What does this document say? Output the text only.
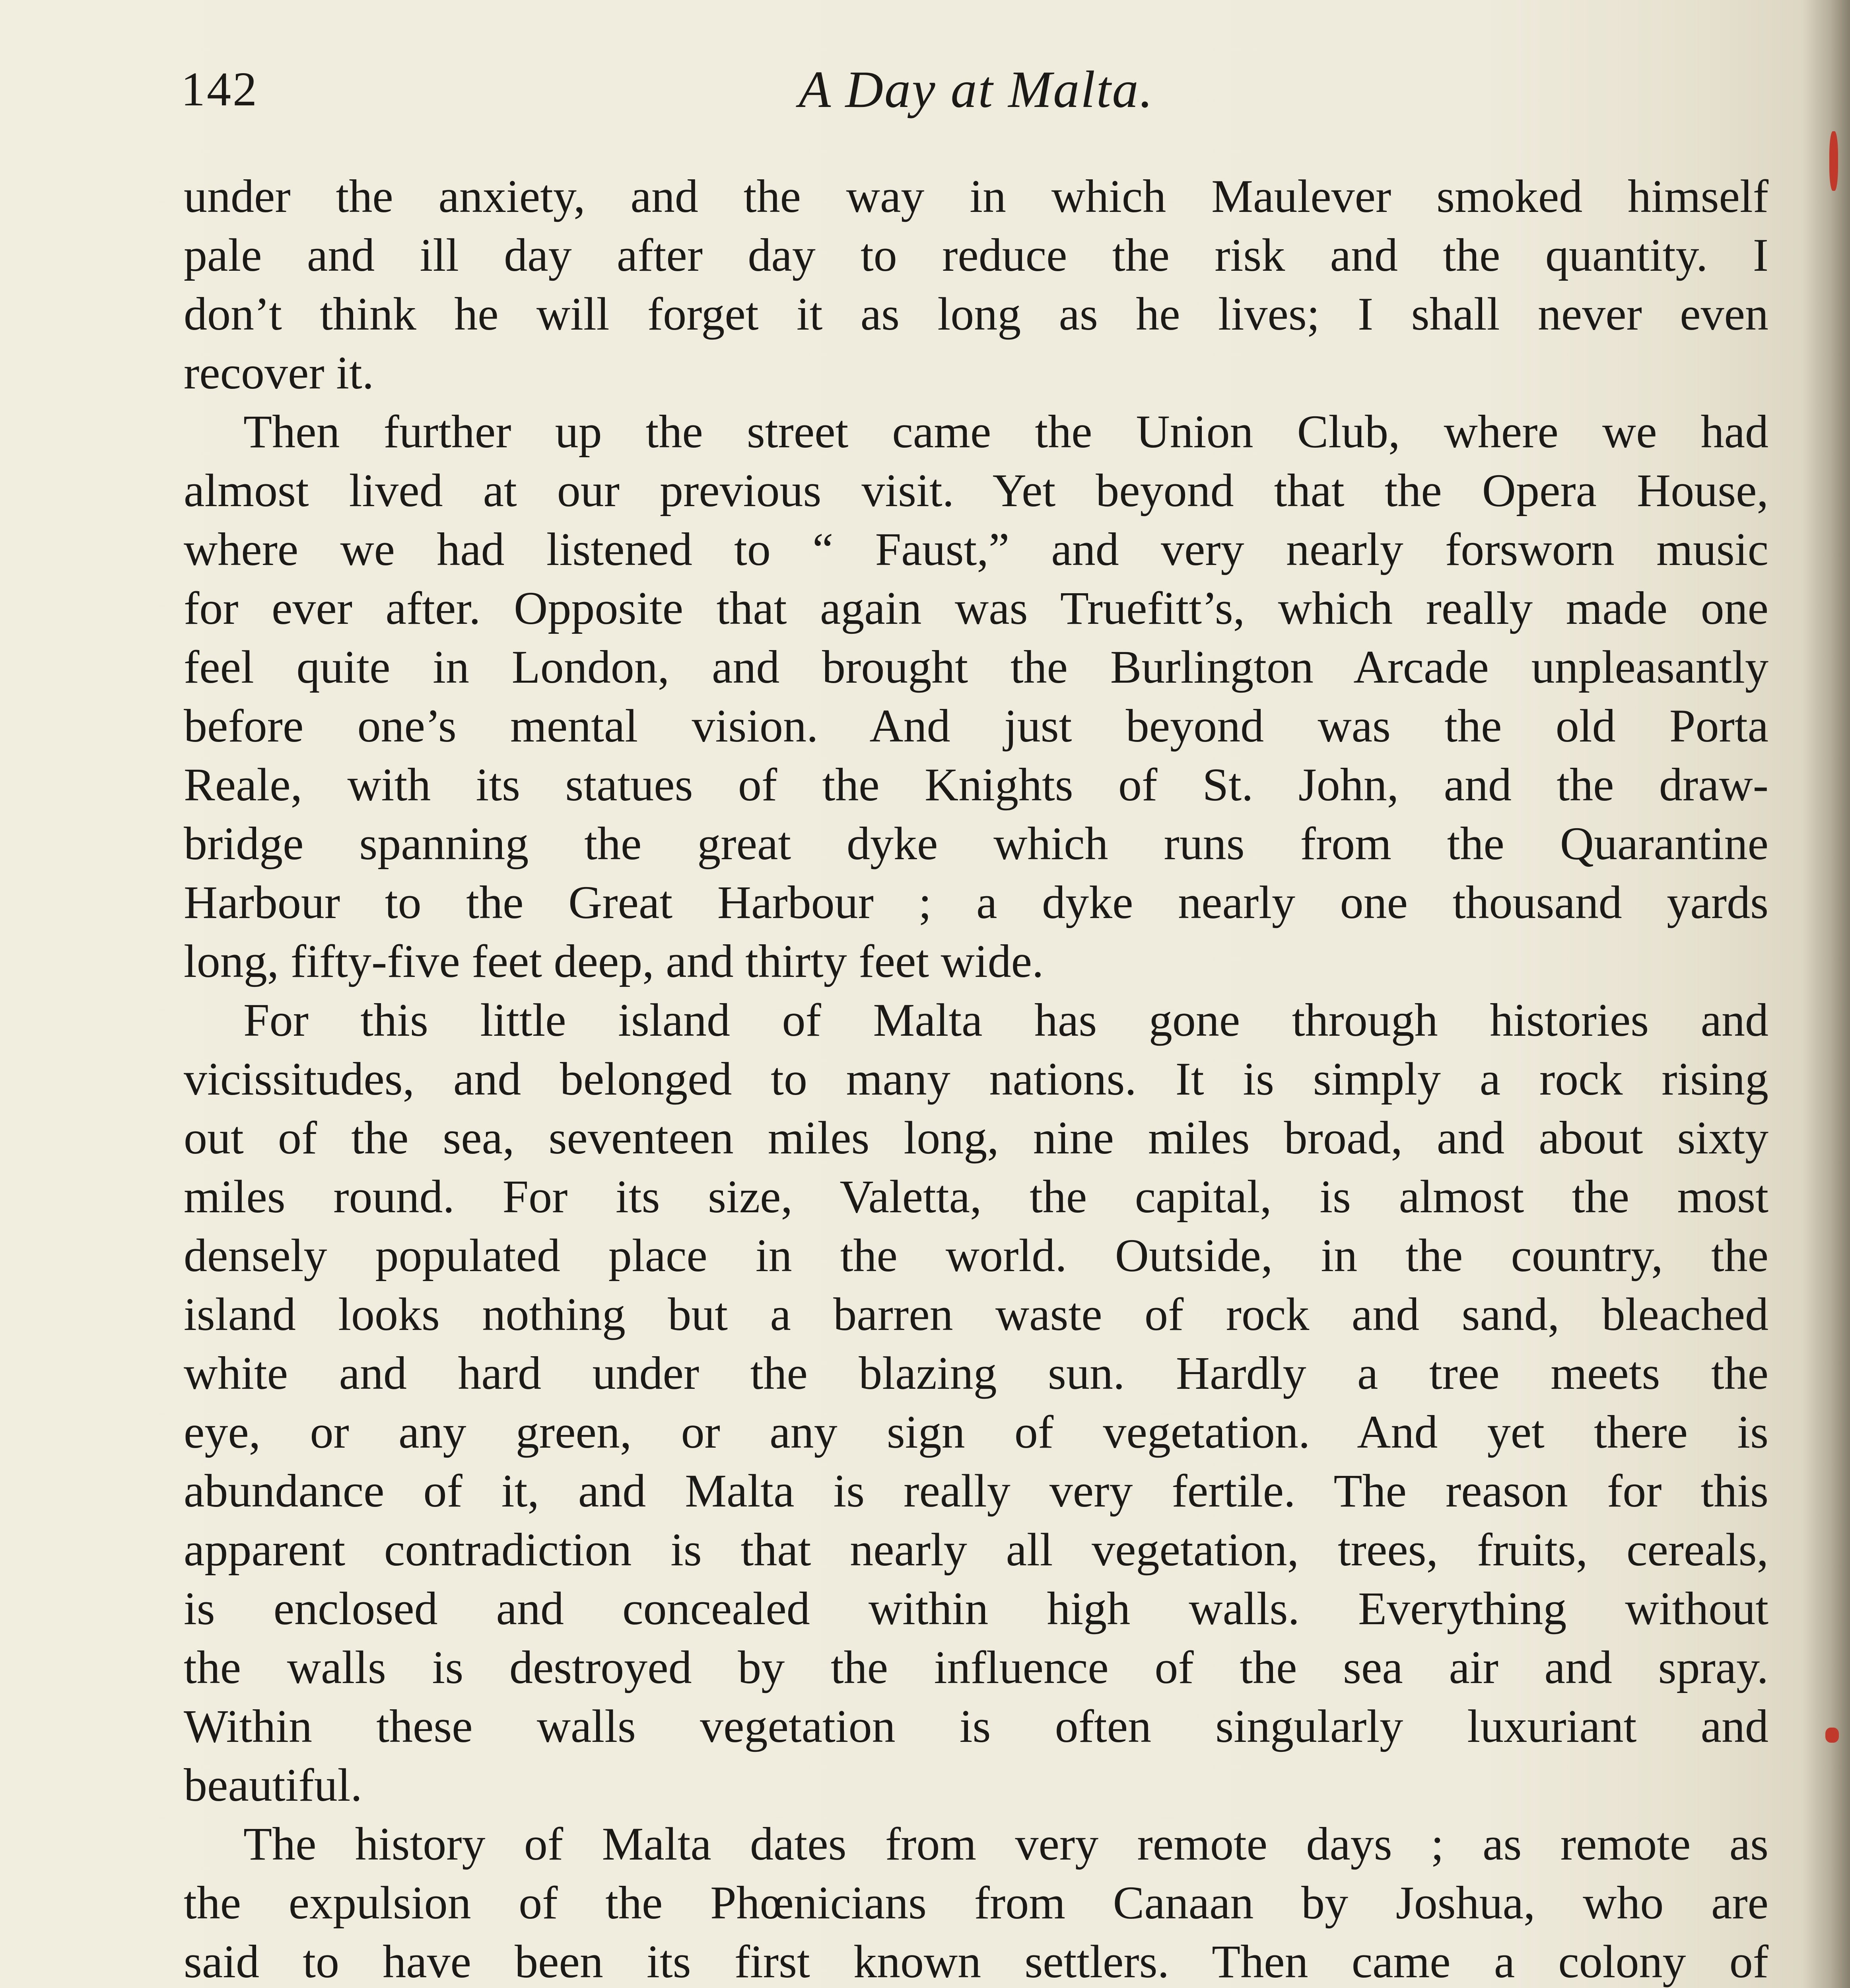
142	A Day at Malta.
under the anxiety, and the way in which Maulever smoked himself
pale and ill day after day to reduce the risk and the quantity. I
don’t think he will forget it as long as he lives; I shall never even
recover it.
Then further up the street came the Union Club, where we had
almost lived at our previous visit. Yet beyond that the Opera House,
where we had listened to “ Faust,” and very nearly forsworn music
for ever after. Opposite that again was Truefitt’s, which really made one
feel quite in London, and brought the Burlington Arcade unpleasantly
before one’s mental vision. And just beyond was the old Porta
Reale, with its statues of the Knights of St. John, and the draw-
bridge spanning the great dyke which runs from the Quarantine
Harbour to the Great Harbour ; a dyke nearly one thousand yards
long, fifty-five feet deep, and thirty feet wide.
For this little island of Malta has gone through histories and
vicissitudes, and belonged to many nations. It is simply a rock rising
out of the sea, seventeen miles long, nine miles broad, and about sixty
miles round. For its size, Valetta, the capital, is almost the most
densely populated place in the world. Outside, in the country, the
island looks nothing but a barren waste of rock and sand, bleached
white and hard under the blazing sun. Hardly a tree meets the
eye, or any green, or any sign of vegetation. And yet there is
abundance of it, and Malta is really very fertile. The reason for this
apparent contradiction is that nearly all vegetation, trees, fruits, cereals,
is enclosed and concealed within high walls. Everything without
the walls is destroyed by the influence of the sea air and spray.
Within these walls vegetation is often singularly luxuriant and
beautiful.
The history of Malta dates from very remote days ; as remote as
the expulsion of the Phœnicians from Canaan by Joshua, who are
said to have been its first known settlers. Then came a colony of
